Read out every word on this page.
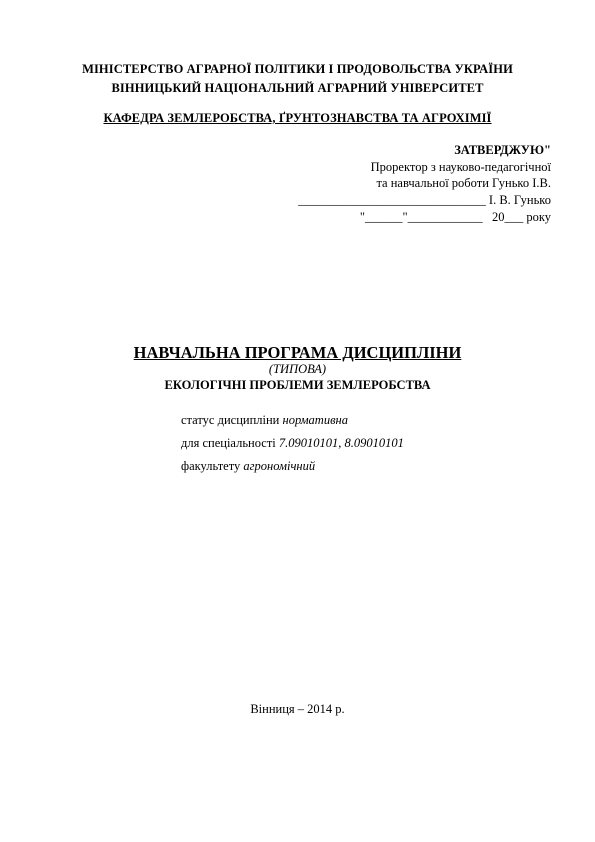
МІНІСТЕРСТВО АГРАРНОЇ ПОЛІТИКИ І ПРОДОВОЛЬСТВА УКРАЇНИ
ВІННИЦЬКИЙ НАЦІОНАЛЬНИЙ АГРАРНИЙ УНІВЕРСИТЕТ
КАФЕДРА ЗЕМЛЕРОБСТВА, ҐРУНТОЗНАВСТВА ТА АГРОХІМІЇ
ЗАТВЕРДЖУЮ"
Проректор з науково-педагогічної
та навчальної роботи Гунько І.В.
______________________________ І. В. Гунько
"______"____________   20___ року
НАВЧАЛЬНА ПРОГРАМА ДИСЦИПЛІНИ
(ТИПОВА)
ЕКОЛОГІЧНІ ПРОБЛЕМИ ЗЕМЛЕРОБСТВА
статус дисципліни нормативна
для спеціальності 7.09010101, 8.09010101
факультету агрономічний
Вінниця – 2014 р.
